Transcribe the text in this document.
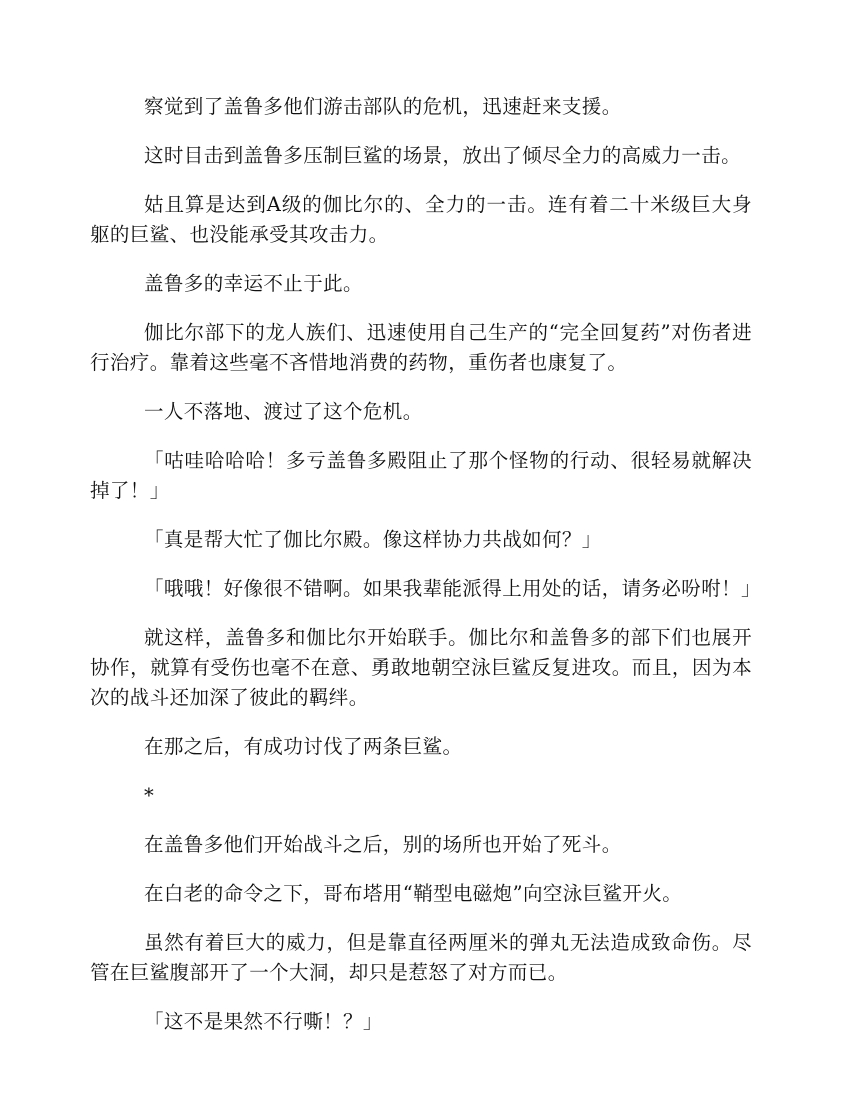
察觉到了盖鲁多他们游击部队的危机，迅速赶来支援。

这时目击到盖鲁多压制巨鲨的场景，放出了倾尽全力的高威力一击。

姑且算是达到A级的伽比尔的、全力的一击。连有着二十米级巨大身躯的巨鲨、也没能承受其攻击力。

盖鲁多的幸运不止于此。

伽比尔部下的龙人族们、迅速使用自己生产的“完全回复药”对伤者进行治疗。靠着这些毫不吝惜地消费的药物，重伤者也康复了。

一人不落地、渡过了这个危机。

「咕哇哈哈哈！多亏盖鲁多殿阻止了那个怪物的行动、很轻易就解决掉了！」

「真是帮大忙了伽比尔殿。像这样协力共战如何？」

「哦哦！好像很不错啊。如果我辈能派得上用处的话，请务必吩咐！」

就这样，盖鲁多和伽比尔开始联手。伽比尔和盖鲁多的部下们也展开协作，就算有受伤也毫不在意、勇敢地朝空泳巨鲨反复进攻。而且，因为本次的战斗还加深了彼此的羁绊。

在那之后，有成功讨伐了两条巨鲨。

*

在盖鲁多他们开始战斗之后，别的场所也开始了死斗。

在白老的命令之下，哥布塔用“鞘型电磁炮”向空泳巨鲨开火。

虽然有着巨大的威力，但是靠直径两厘米的弹丸无法造成致命伤。尽管在巨鲨腹部开了一个大洞，却只是惹怒了对方而已。

「这不是果然不行嘶！？」
